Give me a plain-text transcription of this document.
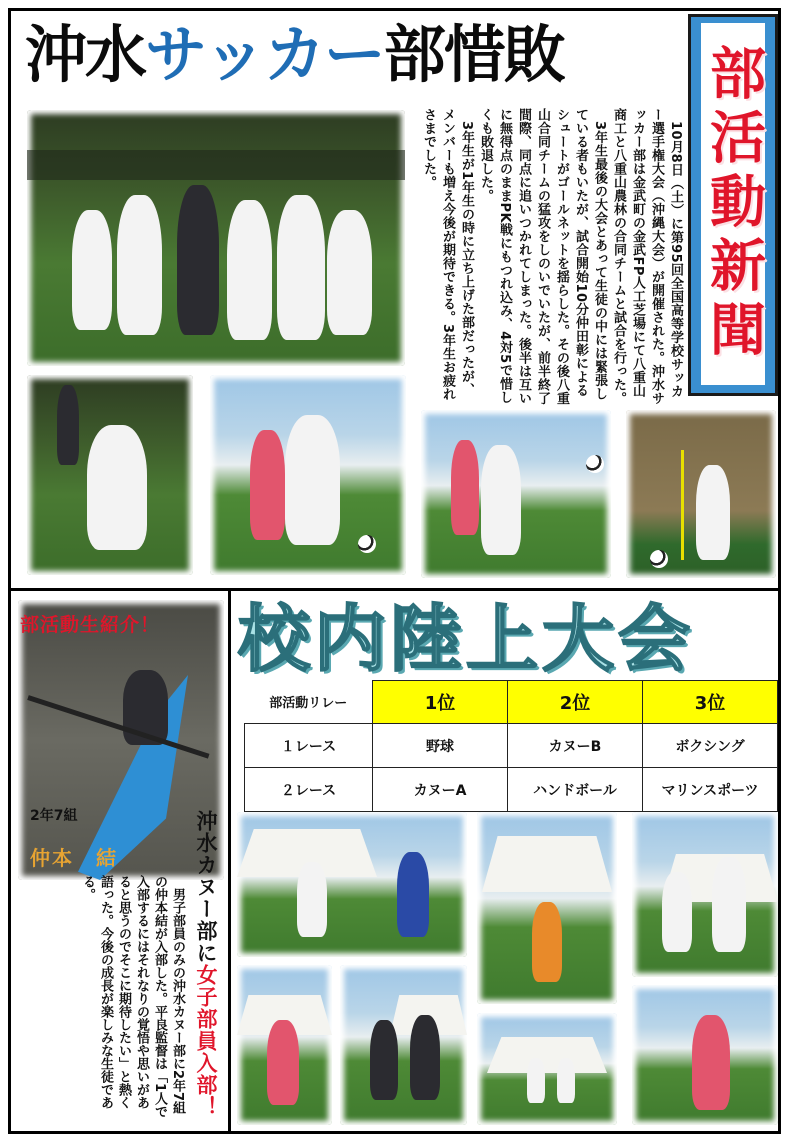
沖水サッカー部惜敗 部活動新聞

10月8日（土）に第95回全国高等学校サッカー選手権大会（沖縄大会）が開催された。沖水サッカー部は金武町の金武FP人工芝場にて八重山商工と八重山農林の合同チームと試合を行った。

3年生最後の大会とあって生徒の中には緊張している者もいたが、試合開始10分仲田彰によるシュートがゴールネットを揺らした。その後八重山合同チームの猛攻をしのいでいたが、前半終了間際、同点に追いつかれてしまった。後半は互いに無得点のままPK戦にもつれ込み、4対5で惜しくも敗退した。

3年生が1年生の時に立ち上げた部だったが、メンバーも増え今後が期待できる。3年生お疲れさまでした。

部活動生紹介！
2年7組
仲本　結	沖水カヌー部に女子部員入部！

男子部員のみの沖水カヌー部に2年7組の仲本結が入部した。平良監督は「1人で入部するにはそれなりの覚悟や思いがあると思うのでそこに期待したい」と熱く語った。今後の成長が楽しみな生徒である。

校内陸上大会
部活動リレー	1位	2位	3位
１レース	野球	カヌーB	ボクシング
２レース	カヌーA	ハンドボール	マリンスポーツ
